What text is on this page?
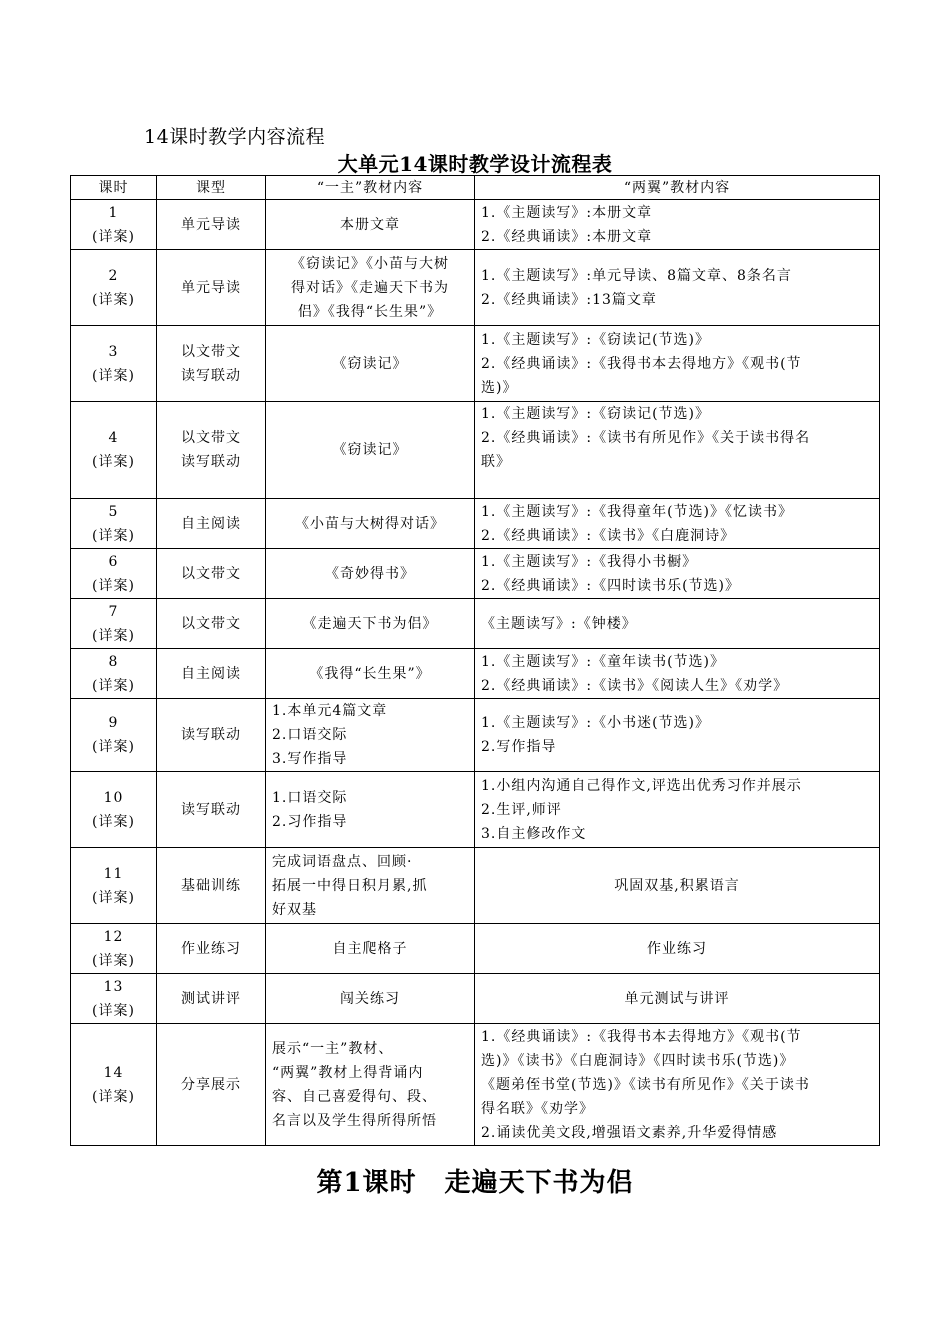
14课时教学内容流程
大单元14课时教学设计流程表
课时	课型	“一主”教材内容	“两翼”教材内容

1
(详案)	单元导读	本册文章	1.《主题读写》:本册文章
2.《经典诵读》:本册文章

2
(详案)	单元导读	《窃读记》《小苗与大树
得对话》《走遍天下书为
侣》《我得“长生果”》	1.《主题读写》:单元导读、8篇文章、8条名言
2.《经典诵读》:13篇文章

3
(详案)	以文带文
读写联动	《窃读记》	1.《主题读写》:《窃读记(节选)》
2.《经典诵读》:《我得书本去得地方》《观书(节
选)》

4
(详案)	以文带文
读写联动	《窃读记》	1.《主题读写》:《窃读记(节选)》
2.《经典诵读》:《读书有所见作》《关于读书得名
联》

5
(详案)	自主阅读	《小苗与大树得对话》	1.《主题读写》:《我得童年(节选)》《忆读书》
2.《经典诵读》:《读书》《白鹿洞诗》

6
(详案)	以文带文	《奇妙得书》	1.《主题读写》:《我得小书橱》
2.《经典诵读》:《四时读书乐(节选)》

7
(详案)	以文带文	《走遍天下书为侣》	《主题读写》:《钟楼》

8
(详案)	自主阅读	《我得“长生果”》	1.《主题读写》:《童年读书(节选)》
2.《经典诵读》:《读书》《阅读人生》《劝学》

9
(详案)	读写联动	1.本单元4篇文章
2.口语交际
3.写作指导	1.《主题读写》:《小书迷(节选)》
2.写作指导

10
(详案)	读写联动	1.口语交际
2.习作指导	1.小组内沟通自己得作文,评选出优秀习作并展示
2.生评,师评
3.自主修改作文

11
(详案)	基础训练	完成词语盘点、回顾·
拓展一中得日积月累,抓
好双基	巩固双基,积累语言

12
(详案)	作业练习	自主爬格子	作业练习

13
(详案)	测试讲评	闯关练习	单元测试与讲评

14
(详案)	分享展示	展示“一主”教材、
“两翼”教材上得背诵内
容、自己喜爱得句、段、
名言以及学生得所得所悟	1.《经典诵读》:《我得书本去得地方》《观书(节
选)》《读书》《白鹿洞诗》《四时读书乐(节选)》
《题弟侄书堂(节选)》《读书有所见作》《关于读书
得名联》《劝学》
2.诵读优美文段,增强语文素养,升华爱得情感
第1课时 走遍天下书为侣
